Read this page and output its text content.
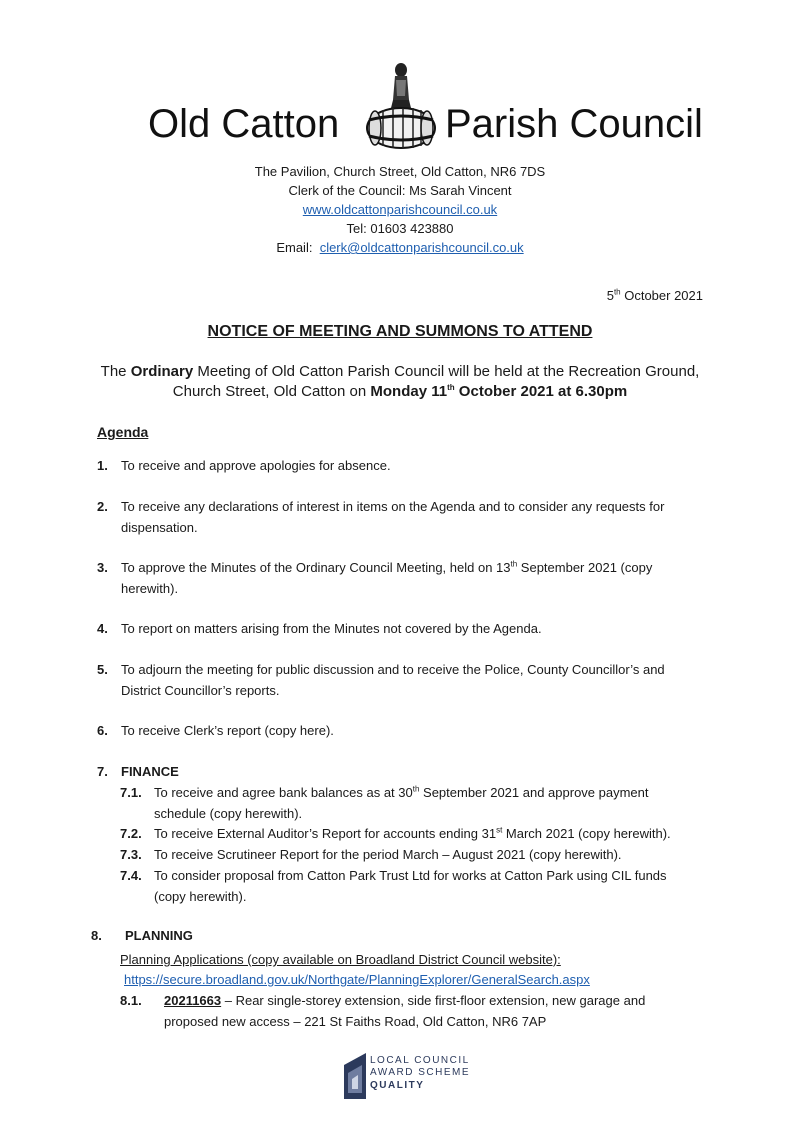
Old Catton	Parish Council
The Pavilion, Church Street, Old Catton, NR6 7DS
Clerk of the Council: Ms Sarah Vincent
www.oldcattonparishcouncil.co.uk
Tel: 01603 423880
Email: clerk@oldcattonparishcouncil.co.uk
5th October 2021
NOTICE OF MEETING AND SUMMONS TO ATTEND
The Ordinary Meeting of Old Catton Parish Council will be held at the Recreation Ground,
Church Street, Old Catton on Monday 11th October 2021 at 6.30pm
Agenda
1. To receive and approve apologies for absence.
2. To receive any declarations of interest in items on the Agenda and to consider any requests for
dispensation.
3. To approve the Minutes of the Ordinary Council Meeting, held on 13th September 2021 (copy
herewith).
4. To report on matters arising from the Minutes not covered by the Agenda.
5. To adjourn the meeting for public discussion and to receive the Police, County Councillor’s and
District Councillor’s reports.
6. To receive Clerk’s report (copy here).
7. FINANCE
7.1. To receive and agree bank balances as at 30th September 2021 and approve payment
schedule (copy herewith).
7.2. To receive External Auditor’s Report for accounts ending 31st March 2021 (copy herewith).
7.3. To receive Scrutineer Report for the period March – August 2021 (copy herewith).
7.4. To consider proposal from Catton Park Trust Ltd for works at Catton Park using CIL funds
(copy herewith).
8. PLANNING
Planning Applications (copy available on Broadland District Council website):
https://secure.broadland.gov.uk/Northgate/PlanningExplorer/GeneralSearch.aspx
8.1. 20211663 – Rear single-storey extension, side first-floor extension, new garage and
proposed new access – 221 St Faiths Road, Old Catton, NR6 7AP
LOCAL COUNCIL
AWARD SCHEME
QUALITY
